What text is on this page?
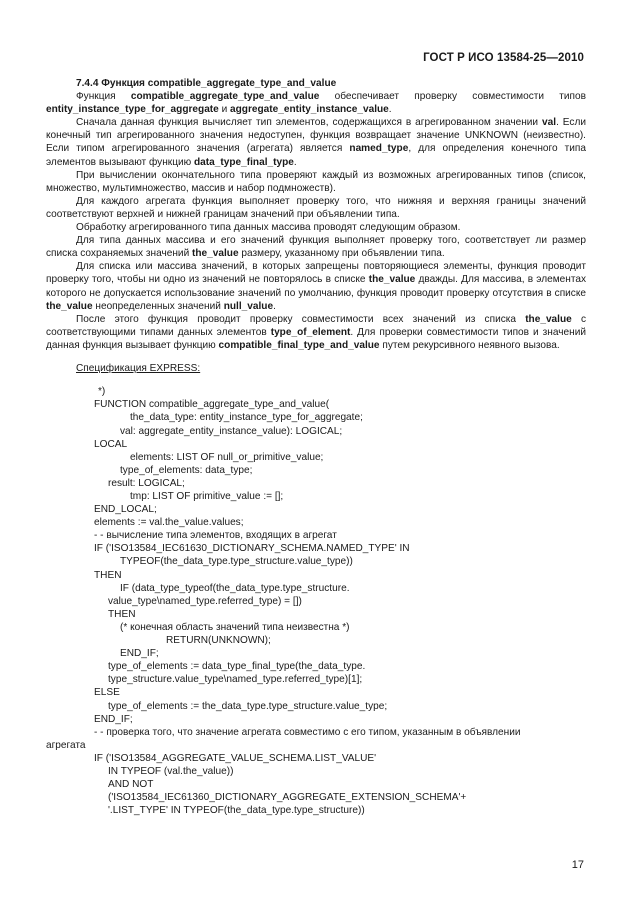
ГОСТ Р ИСО 13584-25—2010

7.4.4 Функция compatible_aggregate_type_and_value

Функция compatible_aggregate_type_and_value обеспечивает проверку совместимости типов entity_instance_type_for_aggregate и aggregate_entity_instance_value.

Сначала данная функция вычисляет тип элементов, содержащихся в агрегированном значении val. Если конечный тип агрегированного значения недоступен, функция возвращает значение UNKNOWN (неизвестно). Если типом агрегированного значения (агрегата) является named_type, для определения конечного типа элементов вызывают функцию data_type_final_type.

При вычислении окончательного типа проверяют каждый из возможных агрегированных типов (список, множество, мультимножество, массив и набор подмножеств).

Для каждого агрегата функция выполняет проверку того, что нижняя и верхняя границы значений соответствуют верхней и нижней границам значений при объявлении типа.

Обработку агрегированного типа данных массива проводят следующим образом.

Для типа данных массива и его значений функция выполняет проверку того, соответствует ли размер списка сохраняемых значений the_value размеру, указанному при объявлении типа.

Для списка или массива значений, в которых запрещены повторяющиеся элементы, функция проводит проверку того, чтобы ни одно из значений не повторялось в списке the_value дважды. Для массива, в элементах которого не допускается использование значений по умолчанию, функция проводит проверку отсутствия в списке the_value неопределенных значений null_value.

После этого функция проводит проверку совместимости всех значений из списка the_value с соответствующими типами данных элементов type_of_element. Для проверки совместимости типов и значений данная функция вызывает функцию compatible_final_type_and_value путем рекурсивного неявного вызова.

Спецификация EXPRESS:

*)
FUNCTION compatible_aggregate_type_and_value(
the_data_type: entity_instance_type_for_aggregate;
val: aggregate_entity_instance_value): LOGICAL;
LOCAL
elements: LIST OF null_or_primitive_value;
type_of_elements: data_type;
result: LOGICAL;
tmp: LIST OF primitive_value := [];
END_LOCAL;
elements := val.the_value.values;
- - вычисление типа элементов, входящих в агрегат
IF ('ISO13584_IEC61630_DICTIONARY_SCHEMA.NAMED_TYPE' IN
TYPEOF(the_data_type.type_structure.value_type))
THEN
IF (data_type_typeof(the_data_type.type_structure.
value_type\named_type.referred_type) = [])
THEN
(* конечная область значений типа неизвестна *)
RETURN(UNKNOWN);
END_IF;
type_of_elements := data_type_final_type(the_data_type.
type_structure.value_type\named_type.referred_type)[1];
ELSE
type_of_elements := the_data_type.type_structure.value_type;
END_IF;
- - проверка того, что значение агрегата совместимо с его типом, указанным в объявлении
агрегата
IF ('ISO13584_AGGREGATE_VALUE_SCHEMA.LIST_VALUE'
IN TYPEOF (val.the_value))
AND NOT
('ISO13584_IEC61360_DICTIONARY_AGGREGATE_EXTENSION_SCHEMA'+
'.LIST_TYPE' IN TYPEOF(the_data_type.type_structure))
17
